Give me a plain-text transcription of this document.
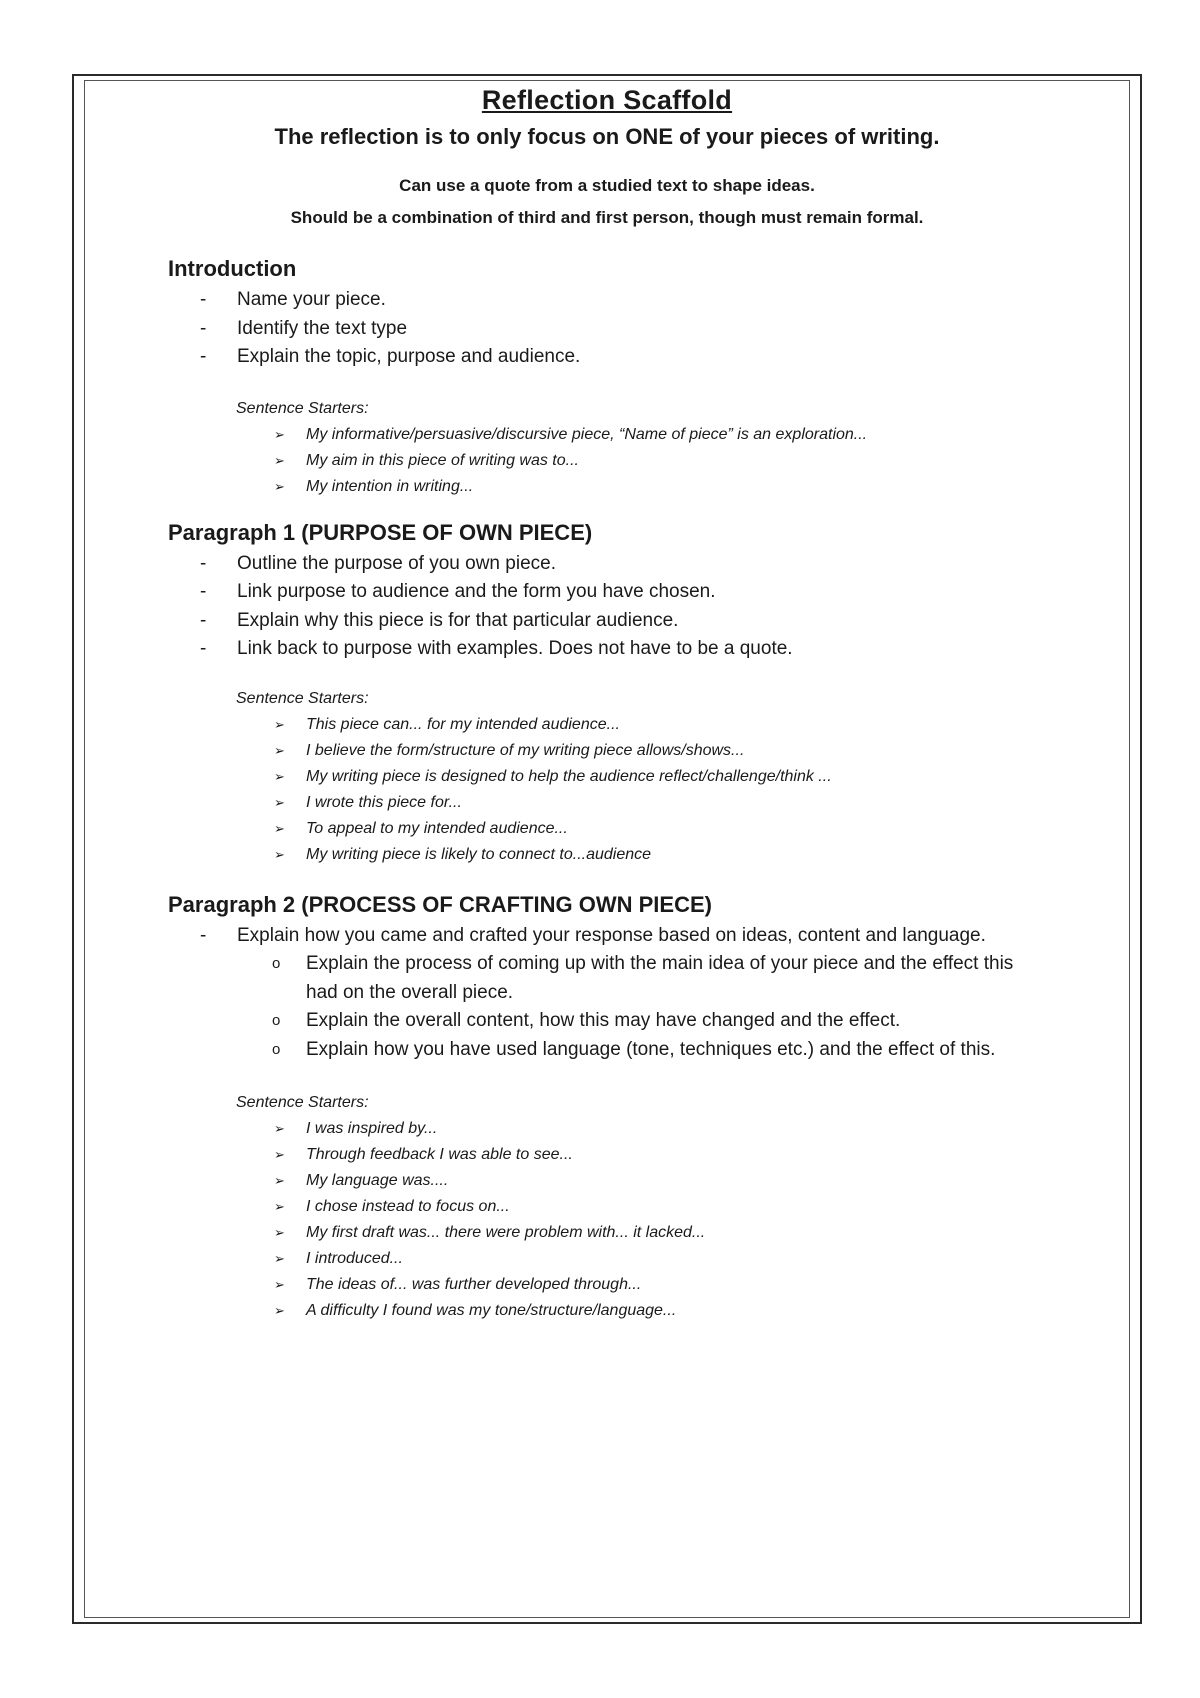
Reflection Scaffold
The reflection is to only focus on ONE of your pieces of writing.
Can use a quote from a studied text to shape ideas.
Should be a combination of third and first person, though must remain formal.
Introduction
- Name your piece.
- Identify the text type
- Explain the topic, purpose and audience.
Sentence Starters:
➢ My informative/persuasive/discursive piece, “Name of piece” is an exploration...
➢ My aim in this piece of writing was to...
➢ My intention in writing...
Paragraph 1 (PURPOSE OF OWN PIECE)
- Outline the purpose of you own piece.
- Link purpose to audience and the form you have chosen.
- Explain why this piece is for that particular audience.
- Link back to purpose with examples. Does not have to be a quote.
Sentence Starters:
➢ This piece can... for my intended audience...
➢ I believe the form/structure of my writing piece allows/shows...
➢ My writing piece is designed to help the audience reflect/challenge/think ...
➢ I wrote this piece for...
➢ To appeal to my intended audience...
➢ My writing piece is likely to connect to...audience
Paragraph 2 (PROCESS OF CRAFTING OWN PIECE)
- Explain how you came and crafted your response based on ideas, content and language.
o Explain the process of coming up with the main idea of your piece and the effect this had on the overall piece.
o Explain the overall content, how this may have changed and the effect.
o Explain how you have used language (tone, techniques etc.) and the effect of this.
Sentence Starters:
➢ I was inspired by...
➢ Through feedback I was able to see...
➢ My language was....
➢ I chose instead to focus on...
➢ My first draft was... there were problem with... it lacked...
➢ I introduced...
➢ The ideas of... was further developed through...
➢ A difficulty I found was my tone/structure/language...
